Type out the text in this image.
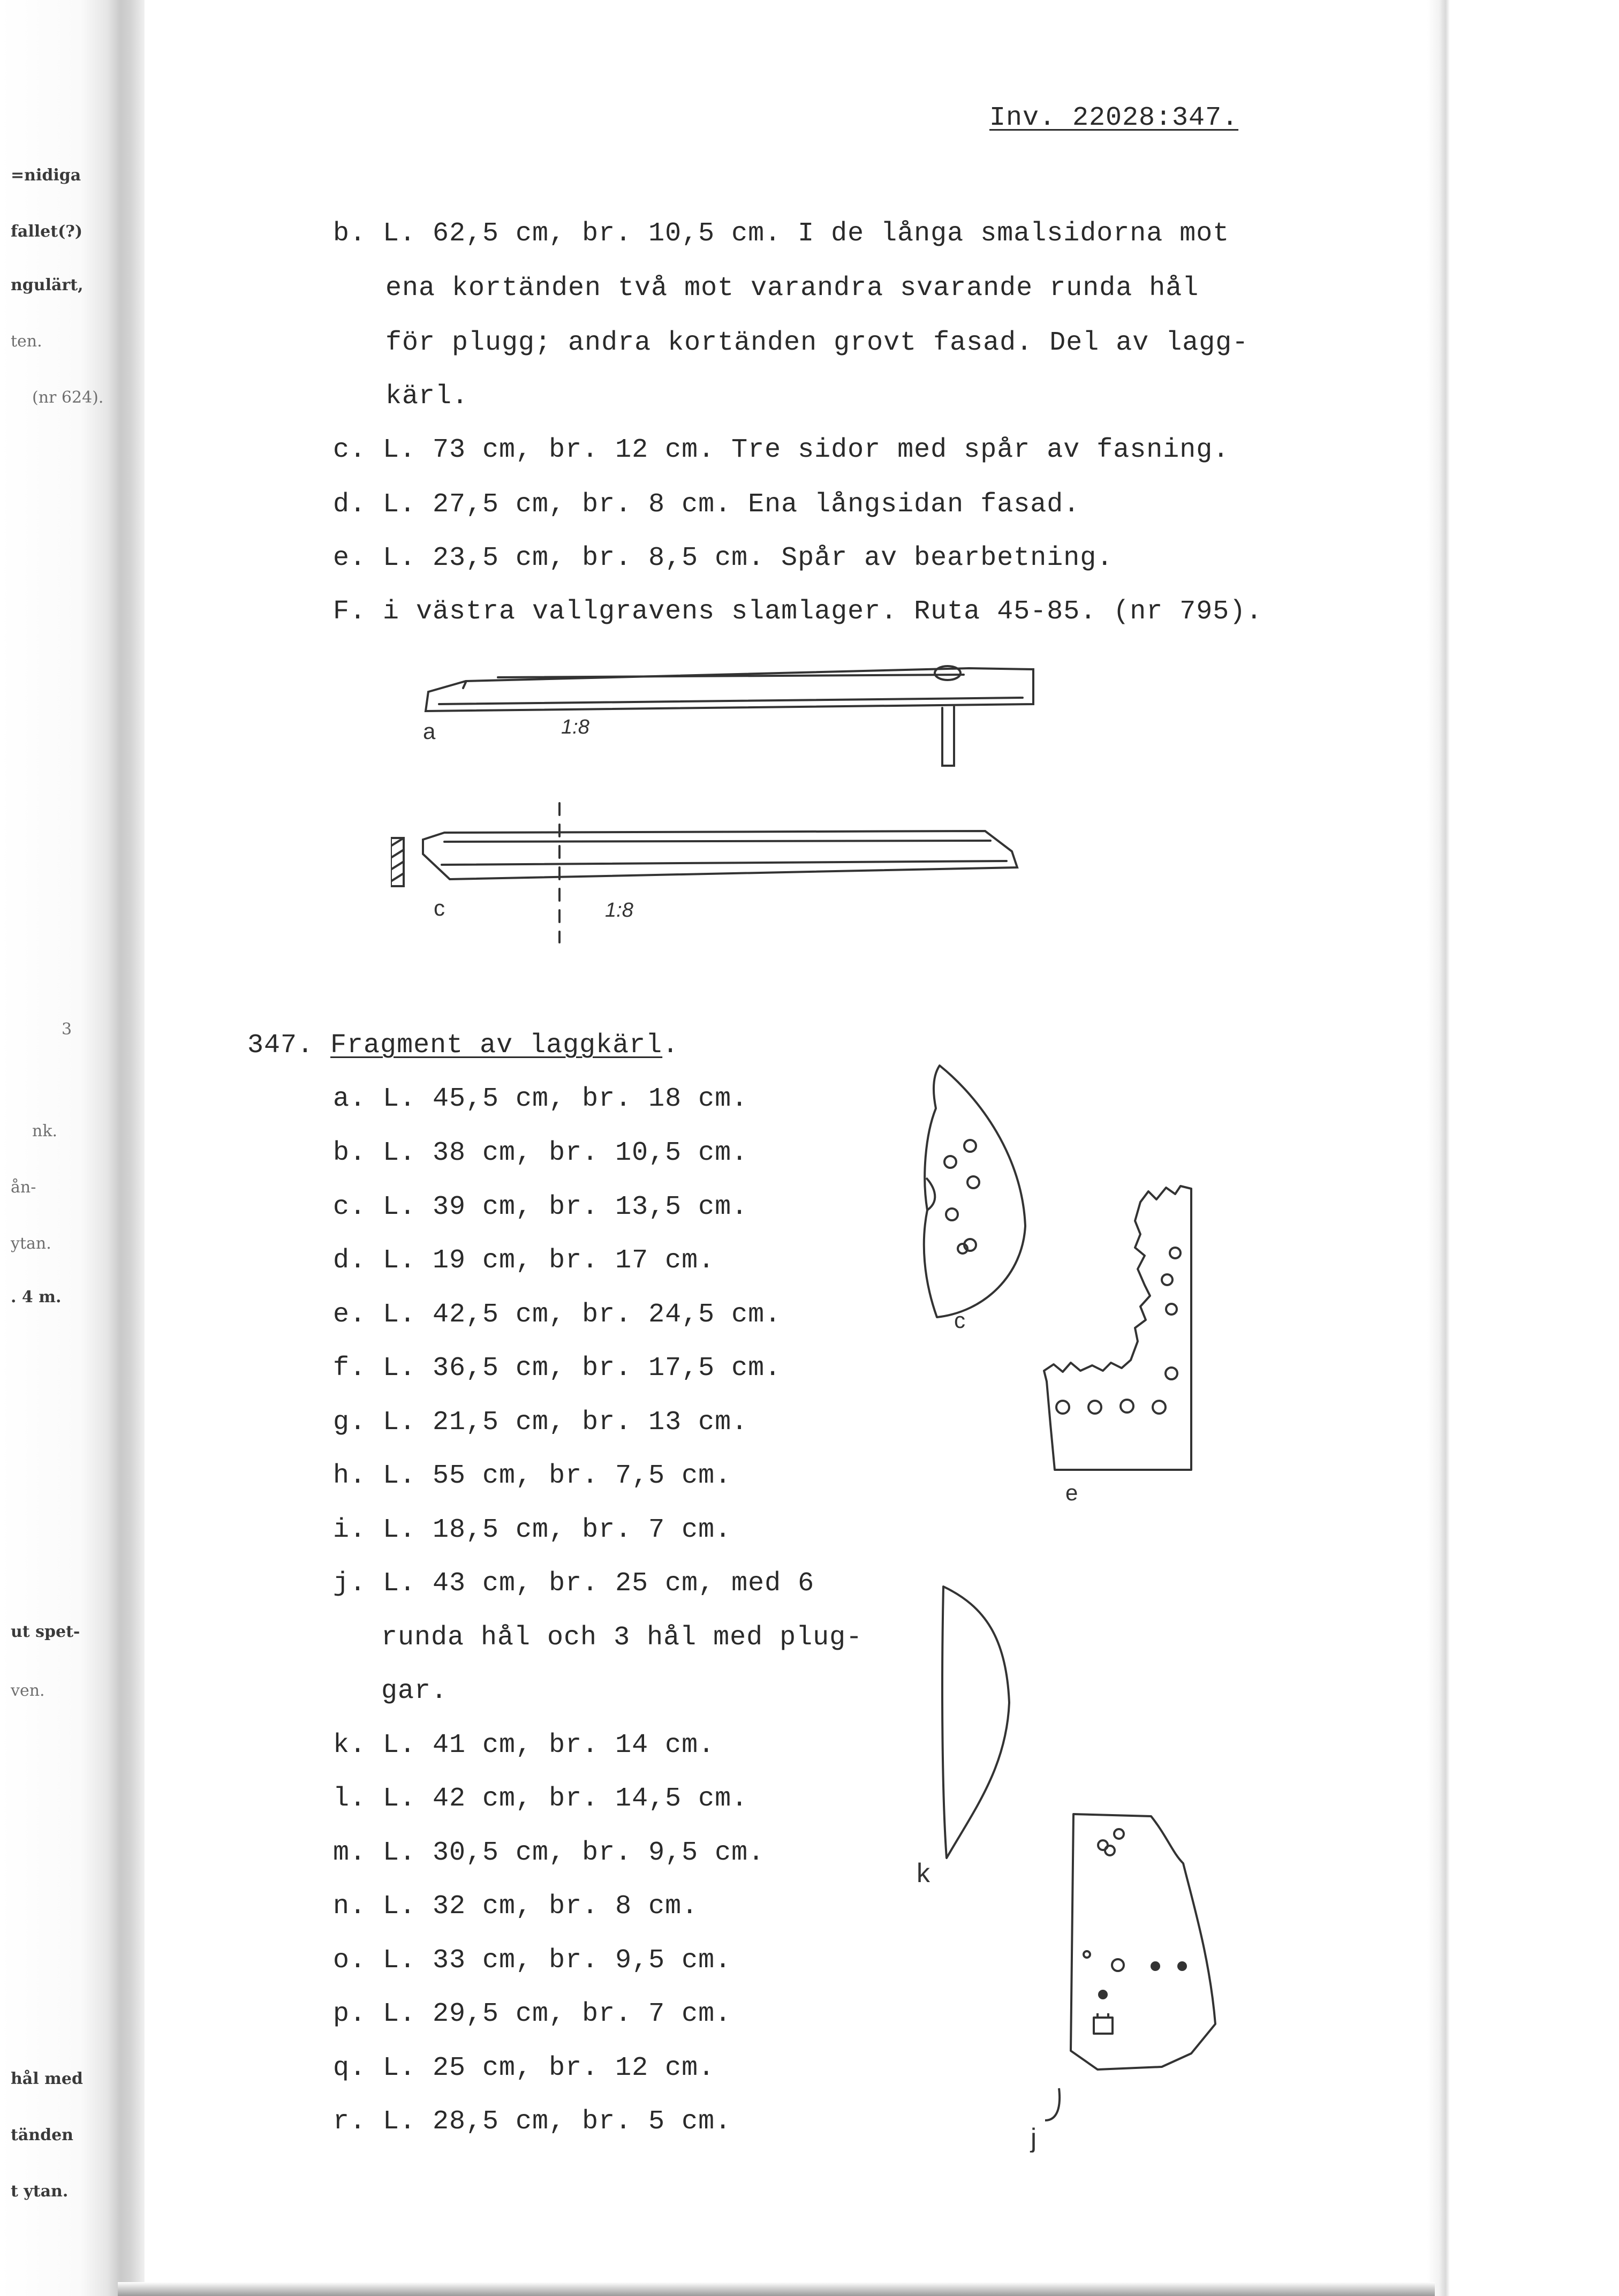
=nidiga
fallet(?)
ngulärt,
ten.
(nr 624).
3
nk.
ån-
ytan.
. 4 m.
ut spet-
ven.
hål med
tänden
t ytan.
Inv. 22028:347.
b. L. 62,5 cm, br. 10,5 cm. I de långa smalsidorna mot
ena kortänden två mot varandra svarande runda hål
för plugg; andra kortänden grovt fasad. Del av lagg-
kärl.
c. L. 73 cm, br. 12 cm. Tre sidor med spår av fasning.
d. L. 27,5 cm, br. 8 cm. Ena långsidan fasad.
e. L. 23,5 cm, br. 8,5 cm. Spår av bearbetning.
F. i västra vallgravens slamlager. Ruta 45-85. (nr 795).
a	1:8
c	1:8
347. Fragment av laggkärl.
a. L. 45,5 cm, br. 18 cm.
b. L. 38 cm, br. 10,5 cm.
c. L. 39 cm, br. 13,5 cm.
d. L. 19 cm, br. 17 cm.
e. L. 42,5 cm, br. 24,5 cm.
f. L. 36,5 cm, br. 17,5 cm.
g. L. 21,5 cm, br. 13 cm.
h. L. 55 cm, br. 7,5 cm.
i. L. 18,5 cm, br. 7 cm.
j. L. 43 cm, br. 25 cm, med 6
runda hål och 3 hål med plug-
gar.
k. L. 41 cm, br. 14 cm.
l. L. 42 cm, br. 14,5 cm.
m. L. 30,5 cm, br. 9,5 cm.
n. L. 32 cm, br. 8 cm.
o. L. 33 cm, br. 9,5 cm.
p. L. 29,5 cm, br. 7 cm.
q. L. 25 cm, br. 12 cm.
r. L. 28,5 cm, br. 5 cm.
c
e
k
j
